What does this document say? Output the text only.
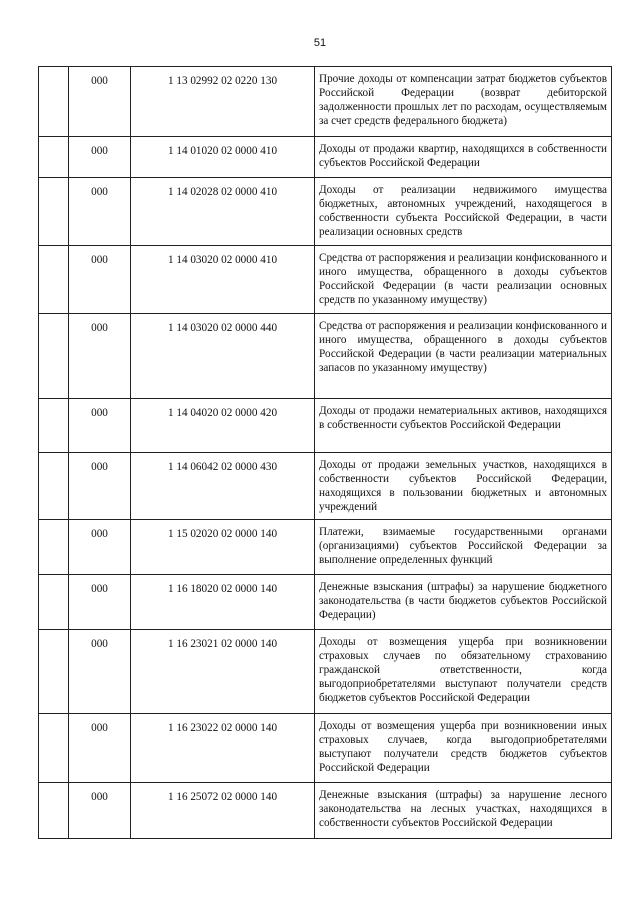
51
	000	1 13 02992 02 0220 130	Прочие доходы от компенсации затрат бюджетов субъектов Российской Федерации (возврат дебиторской задолженности прошлых лет по расходам, осуществляемым за счет средств федерального бюджета)
	000	1 14 01020 02 0000 410	Доходы от продажи квартир, находящихся в собственности субъектов Российской Федерации
	000	1 14 02028 02 0000 410	Доходы от реализации недвижимого имущества бюджетных, автономных учреждений, находящегося в собственности субъекта Российской Федерации, в части реализации основных средств
	000	1 14 03020 02 0000 410	Средства от распоряжения и реализации конфискованного и иного имущества, обращенного в доходы субъектов Российской Федерации (в части реализации основных средств по указанному имуществу)
	000	1 14 03020 02 0000 440	Средства от распоряжения и реализации конфискованного и иного имущества, обращенного в доходы субъектов Российской Федерации (в части реализации материальных запасов по указанному имуществу)
	000	1 14 04020 02 0000 420	Доходы от продажи нематериальных активов, находящихся в собственности субъектов Российской Федерации
	000	1 14 06042 02 0000 430	Доходы от продажи земельных участков, находящихся в собственности субъектов Российской Федерации, находящихся в пользовании бюджетных и автономных учреждений
	000	1 15 02020 02 0000 140	Платежи, взимаемые государственными органами (организациями) субъектов Российской Федерации за выполнение определенных функций
	000	1 16 18020 02 0000 140	Денежные взыскания (штрафы) за нарушение бюджетного законодательства (в части бюджетов субъектов Российской Федерации)
	000	1 16 23021 02 0000 140	Доходы от возмещения ущерба при возникновении страховых случаев по обязательному страхованию гражданской ответственности, когда выгодоприобретателями выступают получатели средств бюджетов субъектов Российской Федерации
	000	1 16 23022 02 0000 140	Доходы от возмещения ущерба при возникновении иных страховых случаев, когда выгодоприобретателями выступают получатели средств бюджетов субъектов Российской Федерации
	000	1 16 25072 02 0000 140	Денежные взыскания (штрафы) за нарушение лесного законодательства на лесных участках, находящихся в собственности субъектов Российской Федерации
